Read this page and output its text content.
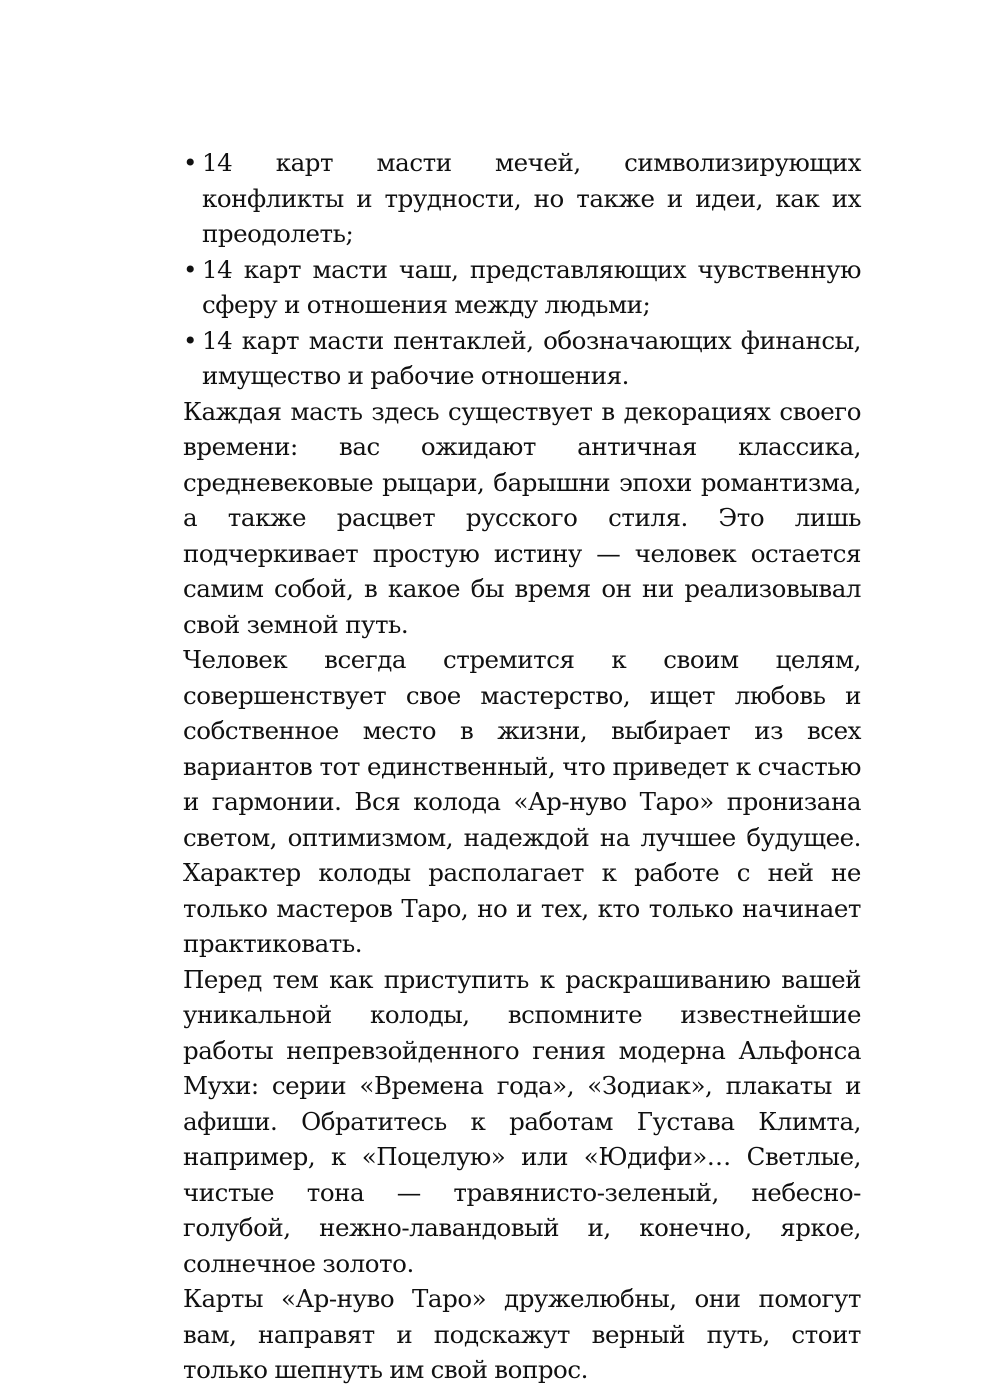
• 14 карт масти мечей, символизирующих конфликты и трудности, но также и идеи, как их преодолеть;
• 14 карт масти чаш, представляющих чувственную сферу и отношения между людьми;
• 14 карт масти пентаклей, обозначающих финансы, имущество и рабочие отношения.

Каждая масть здесь существует в декорациях своего времени: вас ожидают античная классика, средневековые рыцари, барышни эпохи романтизма, а также расцвет русского стиля. Это лишь подчеркивает простую истину — человек остается самим собой, в какое бы время он ни реализовывал свой земной путь.

Человек всегда стремится к своим целям, совершенствует свое мастерство, ищет любовь и собственное место в жизни, выбирает из всех вариантов тот единственный, что приведет к счастью и гармонии. Вся колода «Ар-нуво Таро» пронизана светом, оптимизмом, надеждой на лучшее будущее. Характер колоды располагает к работе с ней не только мастеров Таро, но и тех, кто только начинает практиковать.

Перед тем как приступить к раскрашиванию вашей уникальной колоды, вспомните известнейшие работы непревзойденного гения модерна Альфонса Мухи: серии «Времена года», «Зодиак», плакаты и афиши. Обратитесь к работам Густава Климта, например, к «Поцелую» или «Юдифи»… Светлые, чистые тона — травянисто-зеленый, небесно-голубой, нежно-лавандовый и, конечно, яркое, солнечное золото.

Карты «Ар-нуво Таро» дружелюбны, они помогут вам, направят и подскажут верный путь, стоит только шепнуть им свой вопрос.
